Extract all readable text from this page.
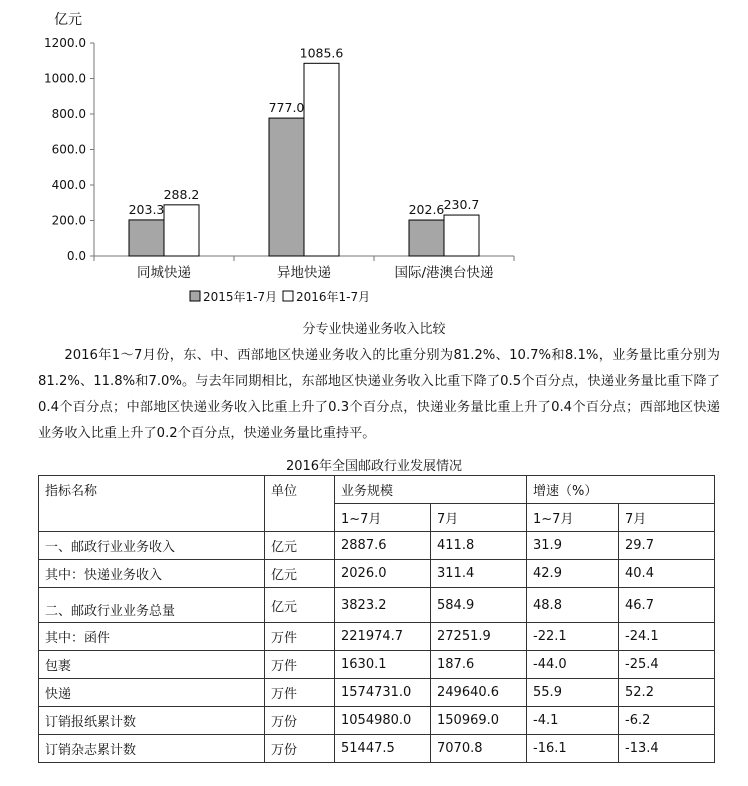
亿元
0.0
200.0
400.0
600.0
800.0
1000.0
1200.0
203.3
288.2
777.0
1085.6
202.6 230.7
同城快递	异地快递	国际/港澳台快递
2015年1-7月 2016年1-7月
分专业快递业务收入比较
2016年1～7月份，东、中、西部地区快递业务收入的比重分别为81.2%、10.7%和8.1%，业务量比重分别为81.2%、11.8%和7.0%。与去年同期相比，东部地区快递业务收入比重下降了0.5个百分点，快递业务量比重下降了0.4个百分点；中部地区快递业务收入比重上升了0.3个百分点，快递业务量比重上升了0.4个百分点；西部地区快递业务收入比重上升了0.2个百分点，快递业务量比重持平。
2016年全国邮政行业发展情况
指标名称	单位	业务规模		增速（%）	
		1~7月	7月	1~7月	7月
一、邮政行业业务收入	亿元	2887.6	411.8	31.9	29.7
其中：快递业务收入	亿元	2026.0	311.4	42.9	40.4
二、邮政行业业务总量	亿元	3823.2	584.9	48.8	46.7
其中：函件	万件	221974.7	27251.9	-22.1	-24.1
包裹	万件	1630.1	187.6	-44.0	-25.4
快递	万件	1574731.0	249640.6	55.9	52.2
订销报纸累计数	万份	1054980.0	150969.0	-4.1	-6.2
订销杂志累计数	万份	51447.5	7070.8	-16.1	-13.4
